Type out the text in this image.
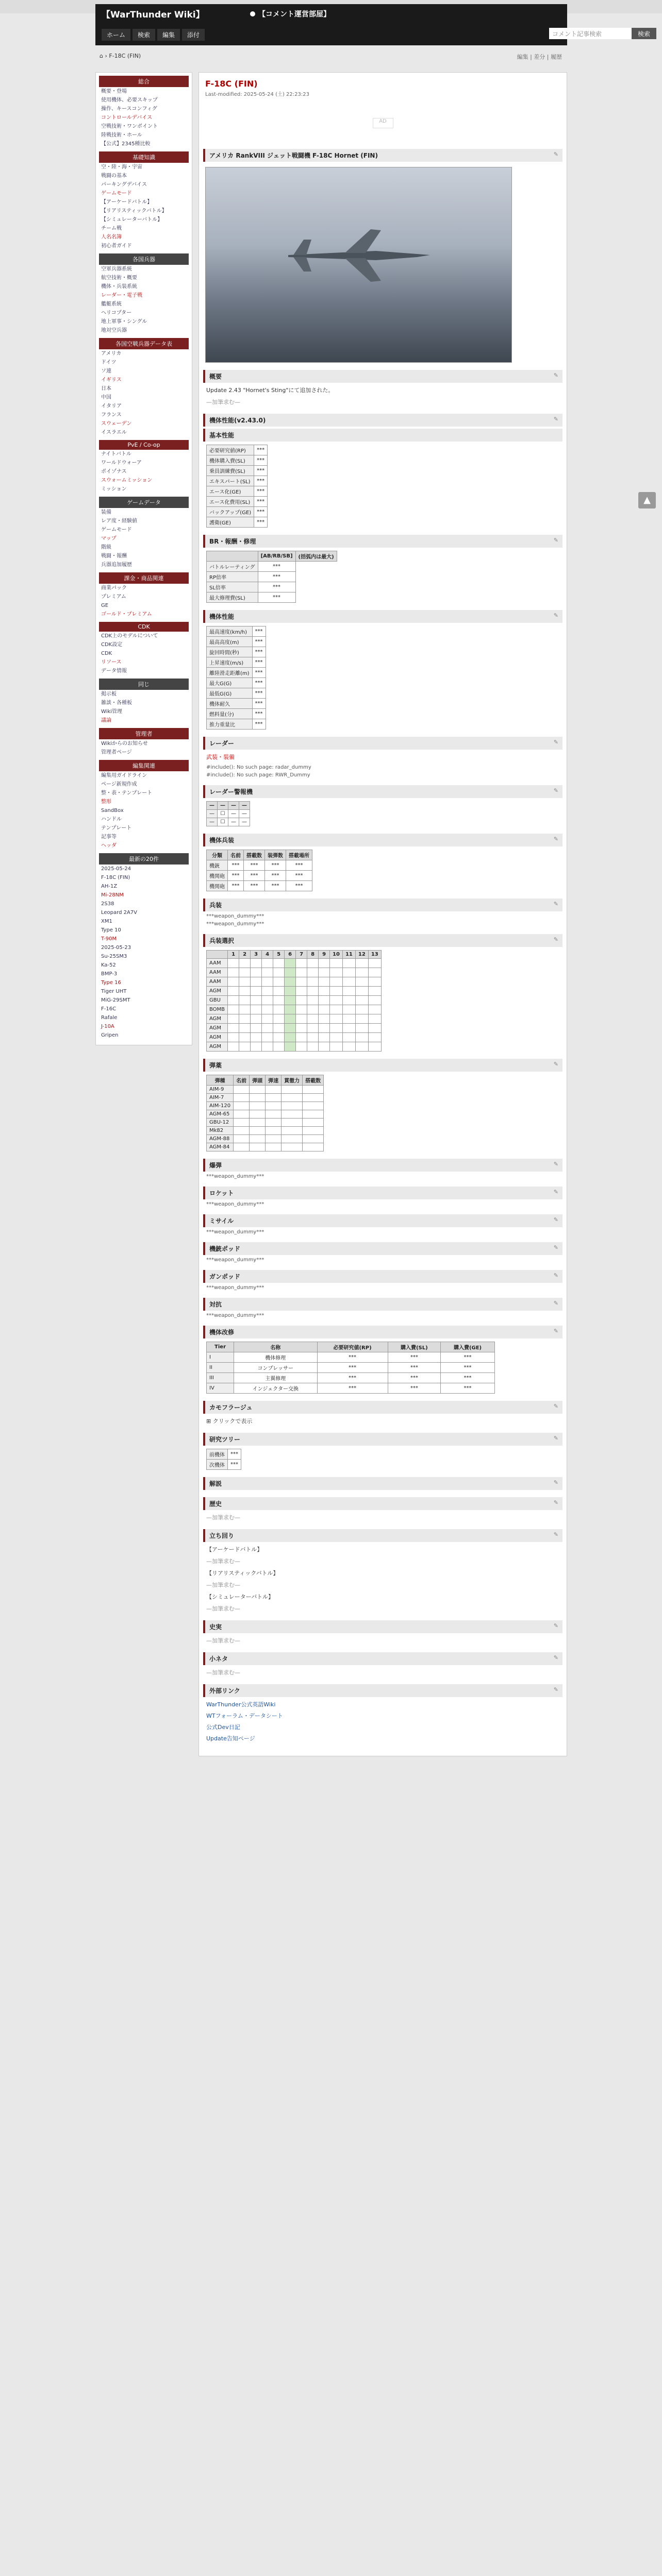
【WarThunder Wiki】	【コメント運営部屋】
ホーム	検索	編集	添付	コメント記事検索	検索
⌂ › F-18C (FIN)	編集 | 差分 | 履歴
総合
概要・登場
使用機体、必要スキップ
操作、キースコンフィグ
コントロールデバイス
空戦技術・ワンポイント
陸戦技術・ホール
【公式】2345種比較
基礎知識
空・陸・海・宇宙
戦闘の基本
パーキングデバイス
ゲームモード
【アーケードバトル】
【リアリスティックバトル】
【シミュレーターバトル】
チーム戦
人名名簿
初心者ガイド
各国兵器
空軍兵器系統
航空技術・概要
機体・兵装系統
レーダー・電子戦
艦艇系統
ヘリコプター
地上軍事・シングル
地対空兵器
各国空戦兵器データ表
アメリカ
ドイツ
ソ連
イギリス
日本
中国
イタリア
フランス
スウェーデン
イスラエル
PvE / Co-op
ナイトバトル
ワールドウォーア
ポイゾナス
スウォームミッション
ミッション
ゲームデータ
装備
レア度・経験値
ゲームモード
マップ
階級
戦闘・報酬
兵器追加履歴
課金・商品関連
商業パック
プレミアム
GE
ゴールド・プレミアム
CDK
CDK上のモデルについて
CDK設定
CDK
リソース
データ情報
同じ
掲示板
雑談・各種板
Wiki管理
議論
管理者
Wikiからのお知らせ
管理者ページ
編集関連
編集用ガイドライン
ページ新規作成
整・表・テンプレート
整形
SandBox
ハンドル
テンプレート
記事等
ヘッダ
最新の20件
2025-05-24
F-18C (FIN)
AH-1Z
Mi-28NM
2S38
Leopard 2A7V
XM1
Type 10
T-90M
2025-05-23
Su-25SM3
Ka-52
BMP-3
Type 16
Tiger UHT
MiG-29SMT
F-16C
Rafale
J-10A
Gripen
F-18C (FIN)
Last-modified: 2025-05-24 (土) 22:23:23
AD
アメリカ RankVIII ジェット戦闘機 F-18C Hornet (FIN)	✎
概要	✎
Update 2.43 "Hornet's Sting"にて追加された。
—加筆求む—
機体性能(v2.43.0)	✎
基本性能
必要研究値(RP)	***
機体購入費(SL)	***
乗員訓練費(SL)	***
エキスパート(SL)	***
エース化(GE)	***
エース化費用(SL)	***
バックアップ(GE)	***
護衛(GE)	***
BR・報酬・修理	✎
	[AB/RB/SB]	(括弧内は最大)
バトルレーティング	***	
RP倍率	***	
SL倍率	***	
最大修理費(SL)	***	
機体性能	✎
最高速度(km/h)	***
最高高度(m)	***
旋回時間(秒)	***
上昇速度(m/s)	***
離陸滑走距離(m)	***
最大G(G)	***
最低G(G)	***
機体耐久	***
燃料量(分)	***
推力重量比	***
レーダー	✎
武装・装備
#include(): No such page: radar_dummy
#include(): No such page: RWR_Dummy
レーダー警報機	✎
—	—	—	—
—	☐	—	—
—	☐	—	—
機体兵装	✎
分類	名前	搭載数	装弾数	搭載場所
機銃	***	***	***	***
機関砲	***	***	***	***
機関砲	***	***	***	***
兵装	✎
***weapon_dummy***
***weapon_dummy***
兵装選択	✎
	1	2	3	4	5	6	7	8	9	10	11	12	13
AAM													
AAM													
AAM													
AGM													
GBU													
BOMB													
AGM													
AGM													
AGM													
AGM													
弾薬	✎
弾種	名前	弾頭	弾速	貫徹力	搭載数
AIM-9					
AIM-7					
AIM-120					
AGM-65					
GBU-12					
Mk82					
AGM-88					
AGM-84					
爆弾	✎
***weapon_dummy***
ロケット	✎
***weapon_dummy***
ミサイル	✎
***weapon_dummy***
機銃ポッド	✎
***weapon_dummy***
ガンポッド	✎
***weapon_dummy***
対抗	✎
***weapon_dummy***
機体改修	✎
Tier	名称	必要研究値(RP)	購入費(SL)	購入費(GE)
I	機体修理	***	***	***
II	コンプレッサー	***	***	***
III	主翼修理	***	***	***
IV	インジェクター交換	***	***	***
カモフラージュ	✎
⊞ クリックで表示
研究ツリー	✎
前機体	***
次機体	***
解説	✎
歴史	✎
—加筆求む—
立ち回り	✎
【アーケードバトル】
—加筆求む—
【リアリスティックバトル】
—加筆求む—
【シミュレーターバトル】
—加筆求む—
史実	✎
—加筆求む—
小ネタ	✎
—加筆求む—
外部リンク	✎
WarThunder公式英語Wiki
WTフォーラム・データシート
公式Dev日記
Update告知ページ
▲
